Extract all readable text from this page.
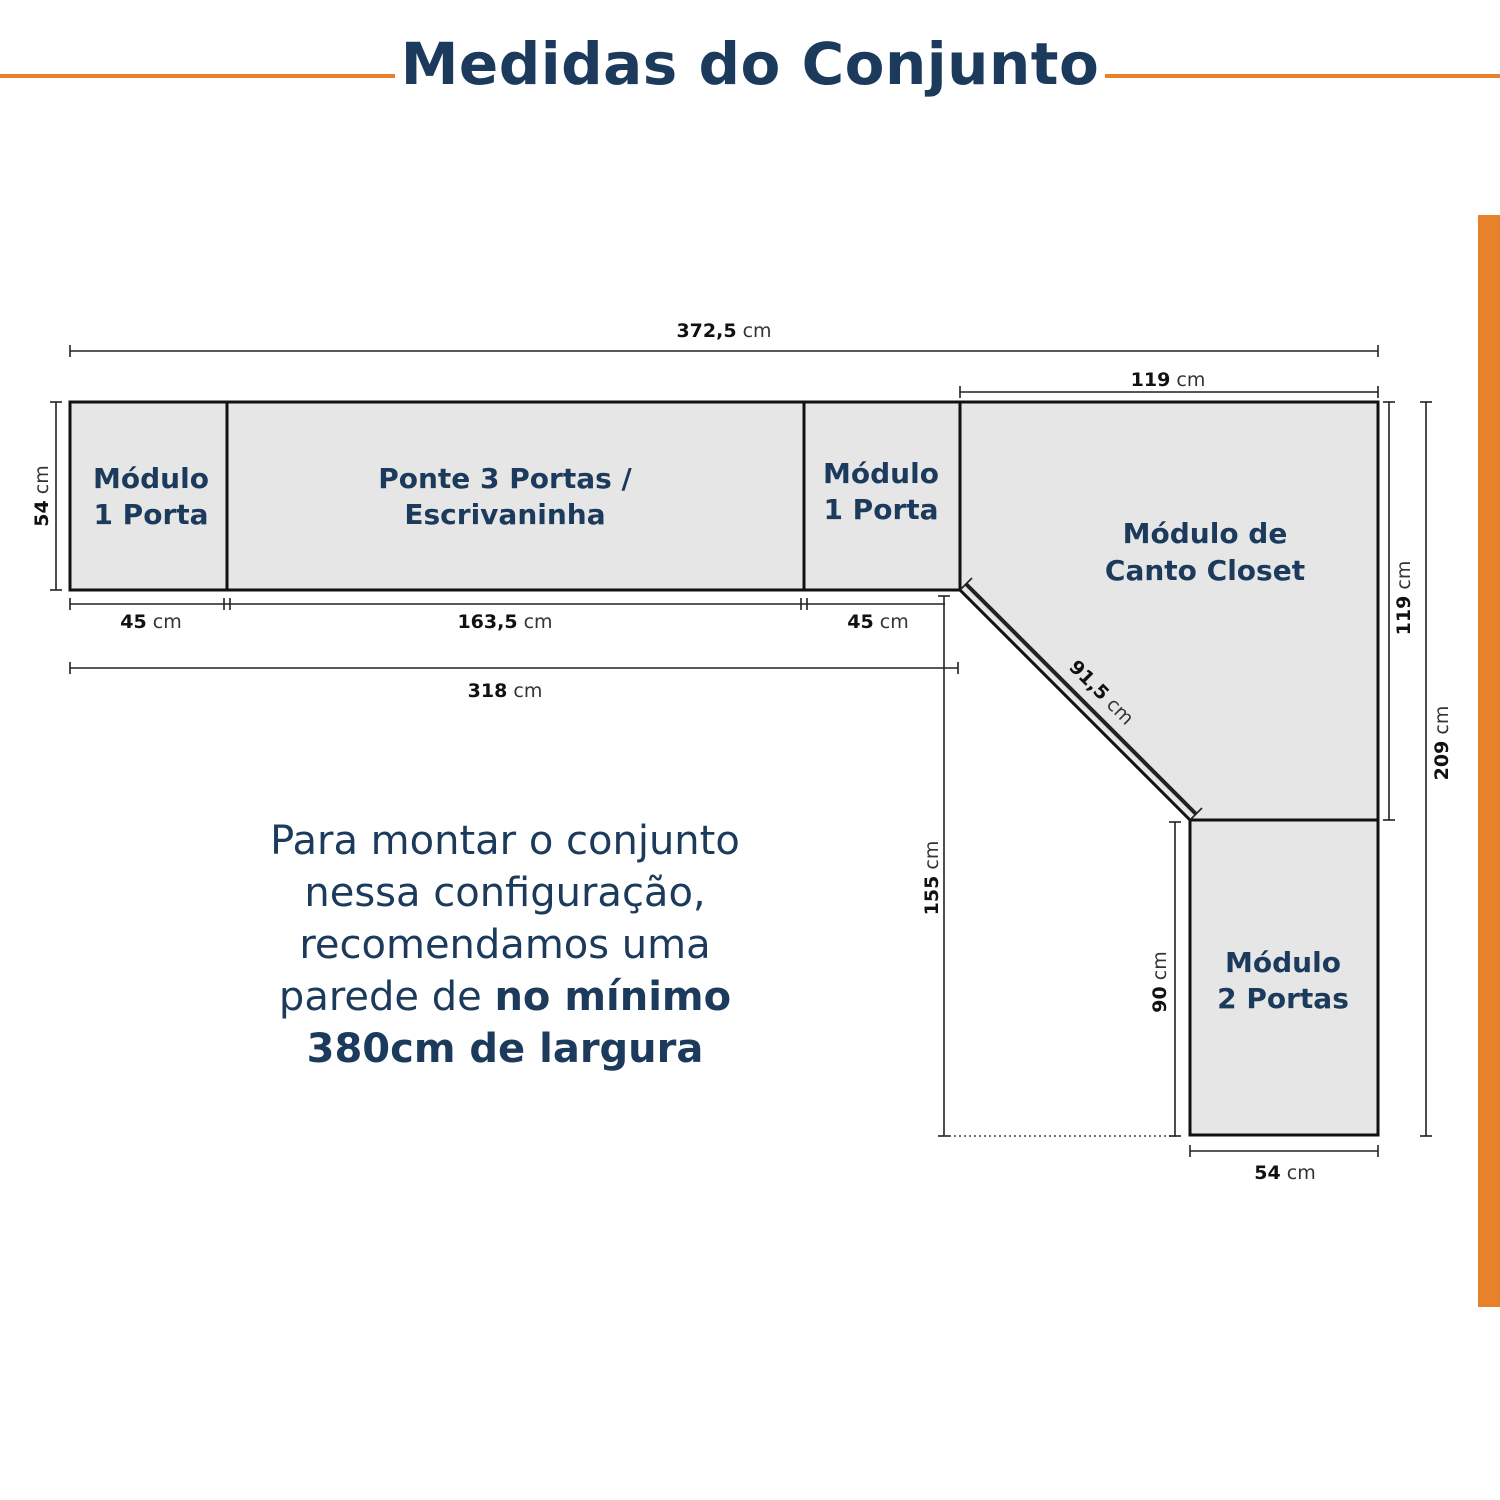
Medidas do Conjunto
Módulo
1 Porta
Ponte 3 Portas /
Escrivaninha
Módulo
1 Porta
Módulo de
Canto Closet
Módulo
2 Portas
372,5 cm
119 cm
54 cm
45 cm	163,5 cm	45 cm
318 cm
155 cm
91,5 cm
119 cm
209 cm
90 cm
54 cm
Para montar o conjunto
nessa configuração,
recomendamos uma
parede de no mínimo
380cm de largura
